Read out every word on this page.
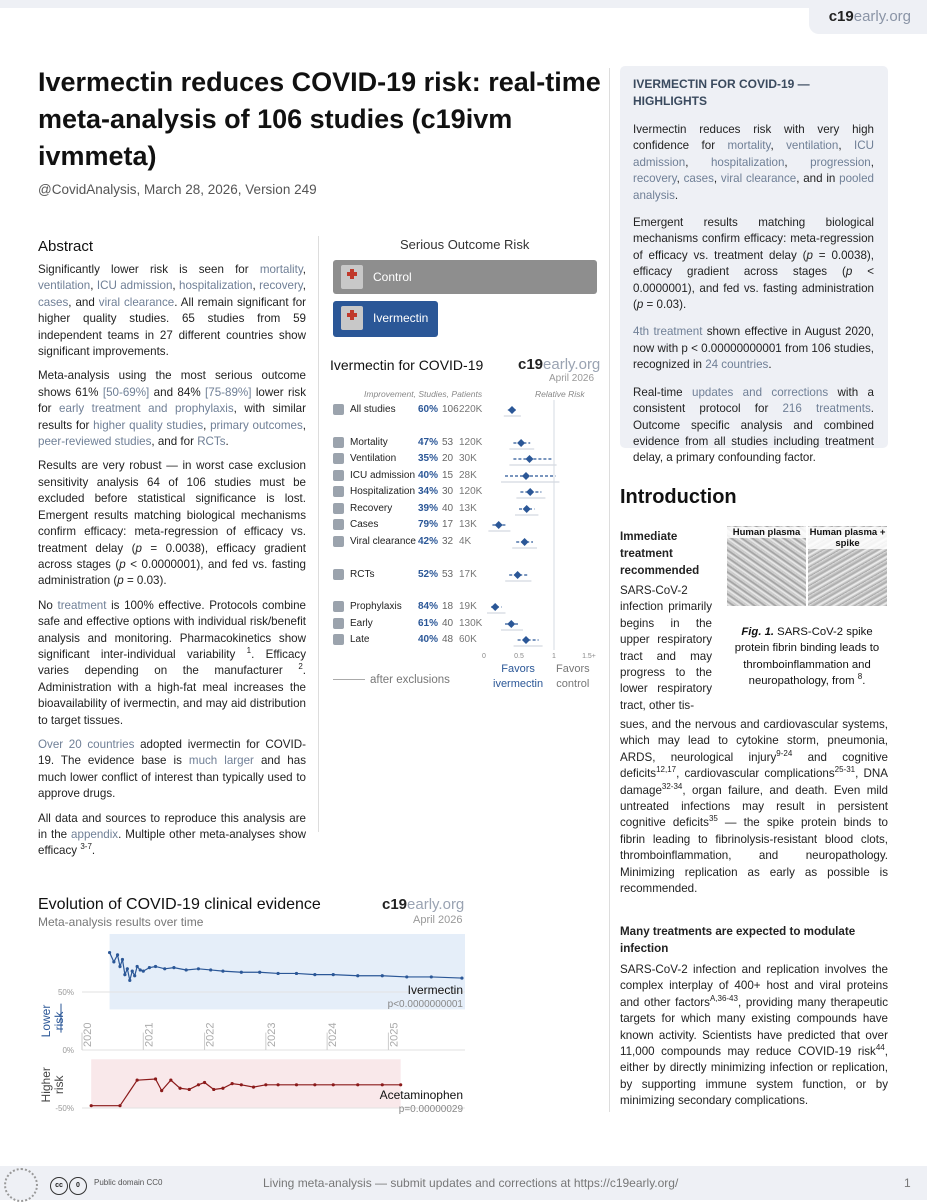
c19early.org
Ivermectin reduces COVID-19 risk: real-time meta-analysis of 106 studies (c19ivm ivmmeta)
@CovidAnalysis, March 28, 2026, Version 249
Abstract

Significantly lower risk is seen for mortality, ventilation, ICU admission, hospitalization, recovery, cases, and viral clearance. All remain significant for higher quality studies. 65 studies from 59 independent teams in 27 different countries show significant improvements.

Meta-analysis using the most serious outcome shows 61% [50‑69%] and 84% [75‑89%] lower risk for early treatment and prophylaxis, with similar results for higher quality studies, primary outcomes, peer-reviewed studies, and for RCTs.

Results are very robust — in worst case exclusion sensitivity analysis 64 of 106 studies must be excluded before statistical significance is lost. Emergent results matching biological mechanisms confirm efficacy: meta-regression of efficacy vs. treatment delay (p = 0.0038), efficacy gradient across stages (p < 0.0000001), and fed vs. fasting administration (p = 0.03).

No treatment is 100% effective. Protocols combine safe and effective options with individual risk/benefit analysis and monitoring. Pharmacokinetics show significant inter-individual variability $^1$. Efficacy varies depending on the manufacturer $^2$. Administration with a high-fat meal increases the bioavailability of ivermectin, and may aid distribution to target tissues.

Over 20 countries adopted ivermectin for COVID-19. The evidence base is much larger and has much lower conflict of interest than typically used to approve drugs.

All data and sources to reproduce this analysis are in the appendix. Multiple other meta-analyses show efficacy $^{3‑7}$.

Serious Outcome Risk
Control
Ivermectin
Ivermectin for COVID-19 c19early.org
April 2026
Improvement, Studies, Patients	Relative Risk
All studies 60% 106 220K
Mortality	47% 53 120K
Ventilation 35% 20 30K
ICU admission 40% 15 28K
Hospitalization 34% 30 120K
Recovery	39% 40 13K
Cases	79% 17 13K
Viral clearance 42% 32 4K
RCTs	52% 53 17K
Prophylaxis 84% 18 19K
Early	61% 40 130K
Late	40% 48 60K
0	0.5	1	1.5+
Favors
ivermectin
Favors
control
after exclusions
IVERMECTIN FOR COVID-19 — HIGHLIGHTS

Ivermectin reduces risk with very high confidence for mortality, ventilation, ICU admission, hospitalization, progression, recovery, cases, viral clearance, and in pooled analysis.

Emergent results matching biological mechanisms confirm efficacy: meta-regression of efficacy vs. treatment delay (p = 0.0038), efficacy gradient across stages (p < 0.0000001), and fed vs. fasting administration (p = 0.03).

4th treatment shown effective in August 2020, now with p < 0.00000000001 from 106 studies, recognized in 24 countries.

Real-time updates and corrections with a consistent protocol for 216 treatments. Outcome specific analysis and combined evidence from all studies including treatment delay, a primary confounding factor.

Introduction
Immediate treatment recommended
Human plasma Human plasma + spike
Fig. 1. SARS-CoV-2 spike protein fibrin binding leads to thromboinflammation and neuropathology, from $^8$.
SARS-CoV-2 infection primarily begins in the upper respiratory tract and may progress to the lower respiratory tract, other tis-
sues, and the nervous and cardiovascular systems, which may lead to cytokine storm, pneumonia, ARDS, neurological injury$^{9‑24}$ and cognitive deficits$^{12,17}$, cardiovascular complications$^{25‑31}$, DNA damage$^{32‑34}$, organ failure, and death. Even mild untreated infections may result in persistent cognitive deficits$^{35}$ — the spike protein binds to fibrin leading to fibrinolysis-resistant blood clots, thromboinflammation, and neuropathology. Minimizing replication as early as possible is recommended.
Many treatments are expected to modulate infection
SARS-CoV-2 infection and replication involves the complex interplay of 400+ host and viral proteins and other factors$^{A,36‑43}$, providing many therapeutic targets for which many existing compounds have known activity. Scientists have predicted that over 11,000 compounds may reduce COVID-19 risk$^{44}$, either by directly minimizing infection or replication, by supporting immune system function, or by minimizing secondary complications.
Evolution of COVID-19 clinical evidence
Meta-analysis results over time
c19early.org
April 2026
2020	2021	2022	2023	2024	2025
50%
0%
-50%
Lower risk
Higher risk
Ivermectin
p<0.0000000001
Acetaminophen
p=0.00000029
cc 0	Public domain CC0	Living meta-analysis — submit updates and corrections at https://c19early.org/	1
